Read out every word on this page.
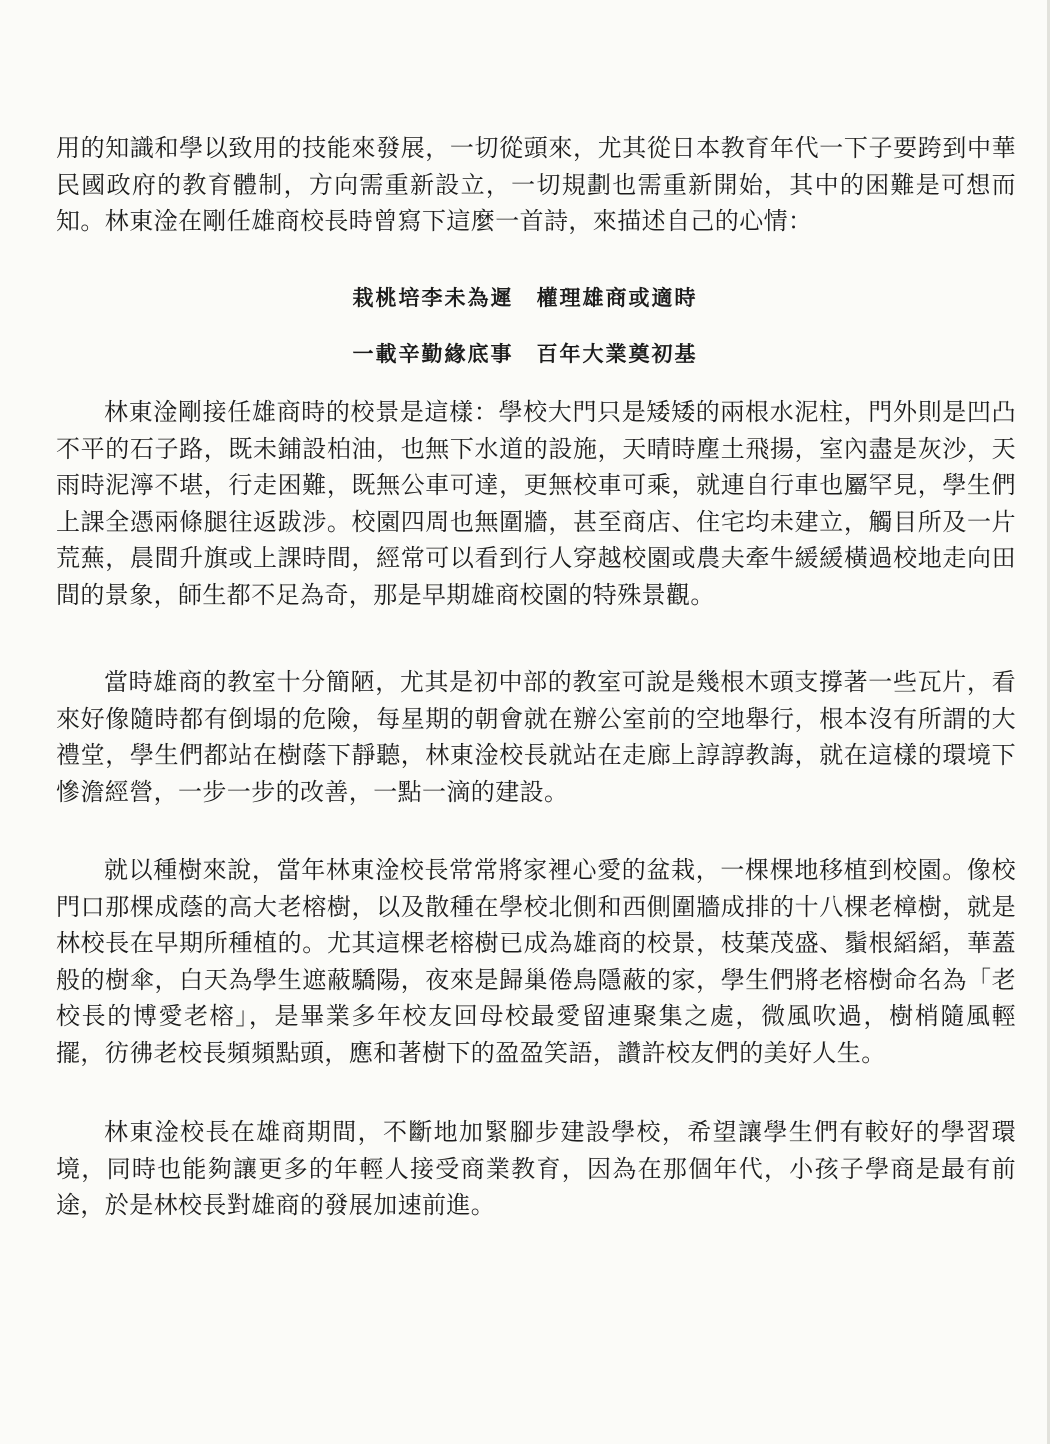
用的知識和學以致用的技能來發展，一切從頭來，尤其從日本教育年代一下子要跨到中華民國政府的教育體制，方向需重新設立，一切規劃也需重新開始，其中的困難是可想而知。林東淦在剛任雄商校長時曾寫下這麼一首詩，來描述自己的心情：

栽桃培李未為遲　權理雄商或適時

一載辛勤緣底事　百年大業奠初基

林東淦剛接任雄商時的校景是這樣：學校大門只是矮矮的兩根水泥柱，門外則是凹凸不平的石子路，既未鋪設柏油，也無下水道的設施，天晴時塵土飛揚，室內盡是灰沙，天雨時泥濘不堪，行走困難，既無公車可達，更無校車可乘，就連自行車也屬罕見，學生們上課全憑兩條腿往返跋涉。校園四周也無圍牆，甚至商店、住宅均未建立，觸目所及一片荒蕪，晨間升旗或上課時間，經常可以看到行人穿越校園或農夫牽牛緩緩橫過校地走向田間的景象，師生都不足為奇，那是早期雄商校園的特殊景觀。

當時雄商的教室十分簡陋，尤其是初中部的教室可說是幾根木頭支撐著一些瓦片，看來好像隨時都有倒塌的危險，每星期的朝會就在辦公室前的空地舉行，根本沒有所謂的大禮堂，學生們都站在樹蔭下靜聽，林東淦校長就站在走廊上諄諄教誨，就在這樣的環境下慘澹經營，一步一步的改善，一點一滴的建設。

就以種樹來說，當年林東淦校長常常將家裡心愛的盆栽，一棵棵地移植到校園。像校門口那棵成蔭的高大老榕樹，以及散種在學校北側和西側圍牆成排的十八棵老樟樹，就是林校長在早期所種植的。尤其這棵老榕樹已成為雄商的校景，枝葉茂盛、鬚根縚縚，華蓋般的樹傘，白天為學生遮蔽驕陽，夜來是歸巢倦鳥隱蔽的家，學生們將老榕樹命名為「老校長的博愛老榕」，是畢業多年校友回母校最愛留連聚集之處，微風吹過，樹梢隨風輕擺，彷彿老校長頻頻點頭，應和著樹下的盈盈笑語，讚許校友們的美好人生。

林東淦校長在雄商期間，不斷地加緊腳步建設學校，希望讓學生們有較好的學習環境，同時也能夠讓更多的年輕人接受商業教育，因為在那個年代，小孩子學商是最有前途，於是林校長對雄商的發展加速前進。
